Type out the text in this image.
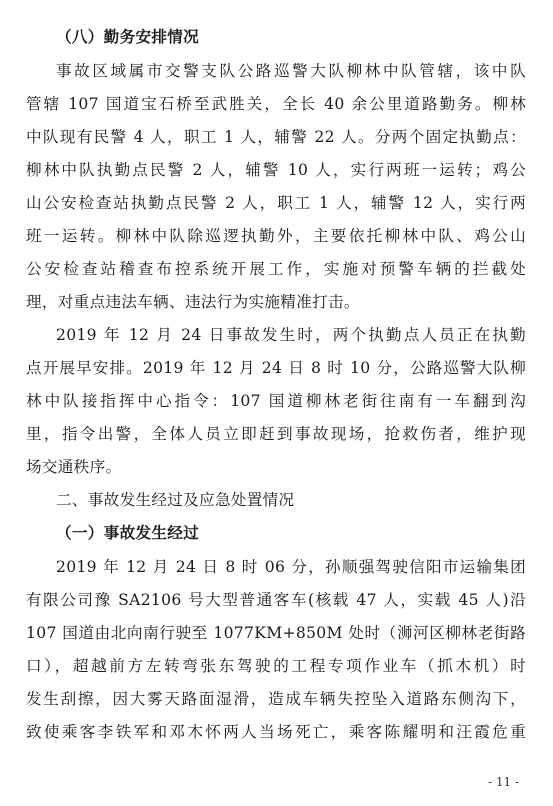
（八）勤务安排情况
事故区域属市交警支队公路巡警大队柳林中队管辖，该中队
管辖 107 国道宝石桥至武胜关，全长 40 余公里道路勤务。柳林
中队现有民警 4 人，职工 1 人，辅警 22 人。分两个固定执勤点：
柳林中队执勤点民警 2 人，辅警 10 人，实行两班一运转；鸡公
山公安检查站执勤点民警 2 人，职工 1 人，辅警 12 人，实行两
班一运转。柳林中队除巡逻执勤外，主要依托柳林中队、鸡公山
公安检查站稽查布控系统开展工作，实施对预警车辆的拦截处
理，对重点违法车辆、违法行为实施精准打击。
2019 年 12 月 24 日事故发生时，两个执勤点人员正在执勤
点开展早安排。2019 年 12 月 24 日 8 时 10 分，公路巡警大队柳
林中队接指挥中心指令：107 国道柳林老街往南有一车翻到沟
里，指令出警，全体人员立即赶到事故现场，抢救伤者，维护现
场交通秩序。
二、事故发生经过及应急处置情况
（一）事故发生经过
2019 年 12 月 24 日 8 时 06 分，孙顺强驾驶信阳市运输集团
有限公司豫 SA2106 号大型普通客车(核载 47 人，实载 45 人)沿
107 国道由北向南行驶至 1077KM+850M 处时（浉河区柳林老街路
口），超越前方左转弯张东驾驶的工程专项作业车（抓木机）时
发生刮擦，因大雾天路面湿滑，造成车辆失控坠入道路东侧沟下，
致使乘客李铁军和邓木怀两人当场死亡，乘客陈耀明和汪霞危重
- 11 -
